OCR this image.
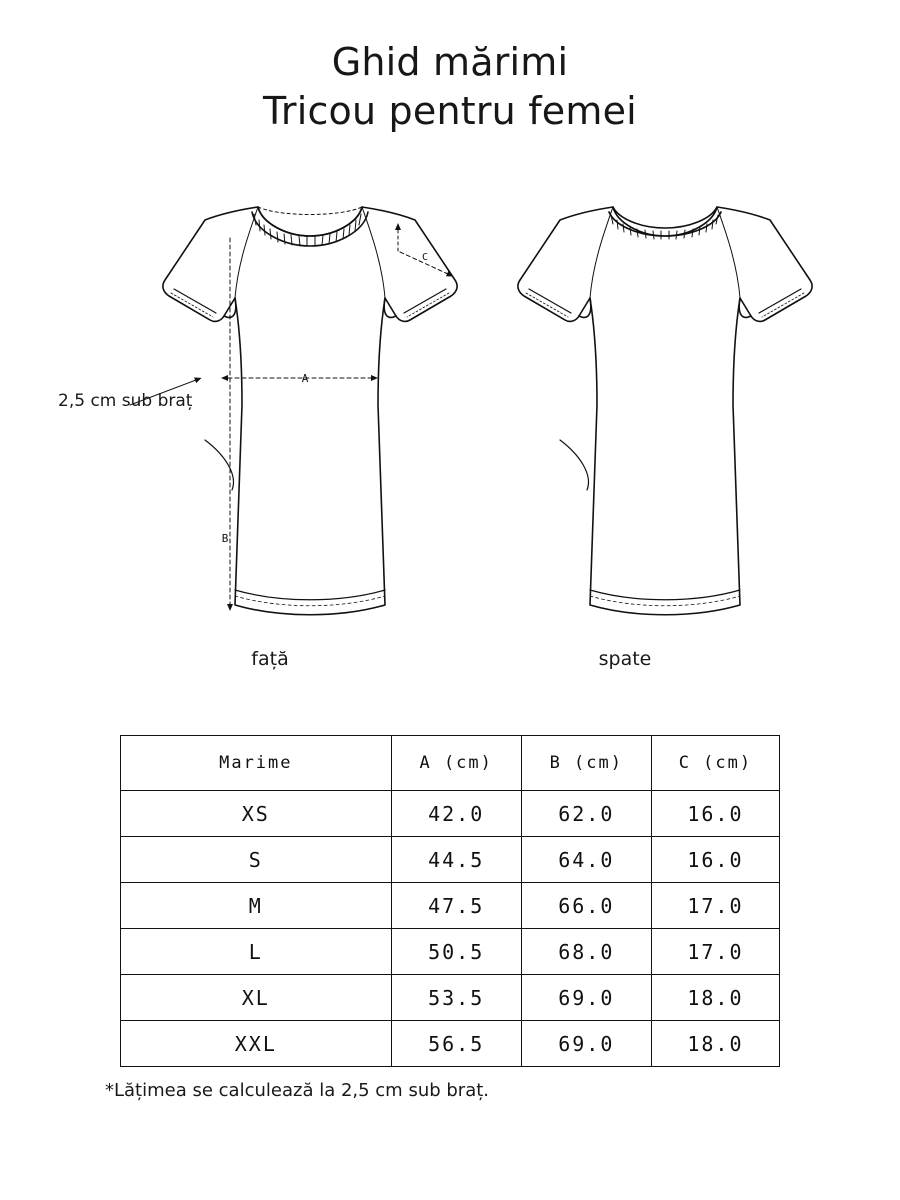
Ghid mărimi
Tricou pentru femei
A
B
C
2,5 cm sub braț
față	spate
Marime	A (cm)	B (cm)	C (cm)
XS	42.0	62.0	16.0
S	44.5	64.0	16.0
M	47.5	66.0	17.0
L	50.5	68.0	17.0
XL	53.5	69.0	18.0
XXL	56.5	69.0	18.0
*Lățimea se calculează la 2,5 cm sub braț.
